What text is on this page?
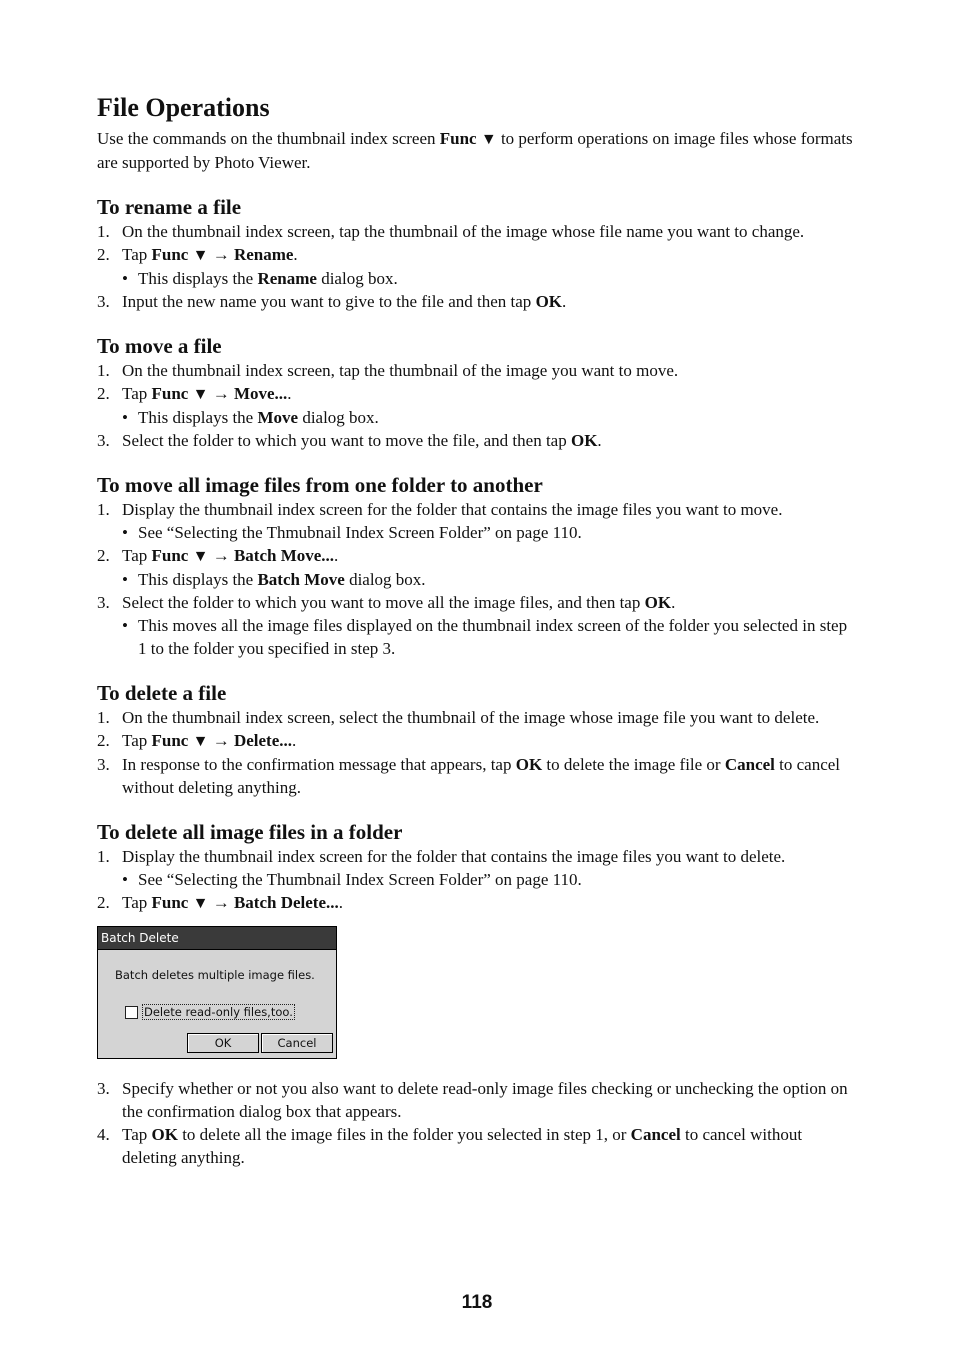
File Operations

Use the commands on the thumbnail index screen Func ▼ to perform operations on image files whose formats are supported by Photo Viewer.

To rename a file
1. On the thumbnail index screen, tap the thumbnail of the image whose file name you want to change.
2. Tap Func ▼ → Rename.
• This displays the Rename dialog box.
3. Input the new name you want to give to the file and then tap OK.
To move a file
1. On the thumbnail index screen, tap the thumbnail of the image you want to move.
2. Tap Func ▼ → Move....
• This displays the Move dialog box.
3. Select the folder to which you want to move the file, and then tap OK.
To move all image files from one folder to another
1. Display the thumbnail index screen for the folder that contains the image files you want to move.
• See “Selecting the Thmubnail Index Screen Folder” on page 110.
2. Tap Func ▼ → Batch Move....
• This displays the Batch Move dialog box.
3. Select the folder to which you want to move all the image files, and then tap OK.
• This moves all the image files displayed on the thumbnail index screen of the folder you selected in step 1 to the folder you specified in step 3.
To delete a file
1. On the thumbnail index screen, select the thumbnail of the image whose image file you want to delete.
2. Tap Func ▼ → Delete....
3. In response to the confirmation message that appears, tap OK to delete the image file or Cancel to cancel without deleting anything.
To delete all image files in a folder
1. Display the thumbnail index screen for the folder that contains the image files you want to delete.
• See “Selecting the Thumbnail Index Screen Folder” on page 110.
2. Tap Func ▼ → Batch Delete....
Batch Delete
Batch deletes multiple image files.
Delete read-only files,too.
OK	Cancel
3. Specify whether or not you also want to delete read-only image files checking or unchecking the option on the confirmation dialog box that appears.
4. Tap OK to delete all the image files in the folder you selected in step 1, or Cancel to cancel without deleting anything.
118
